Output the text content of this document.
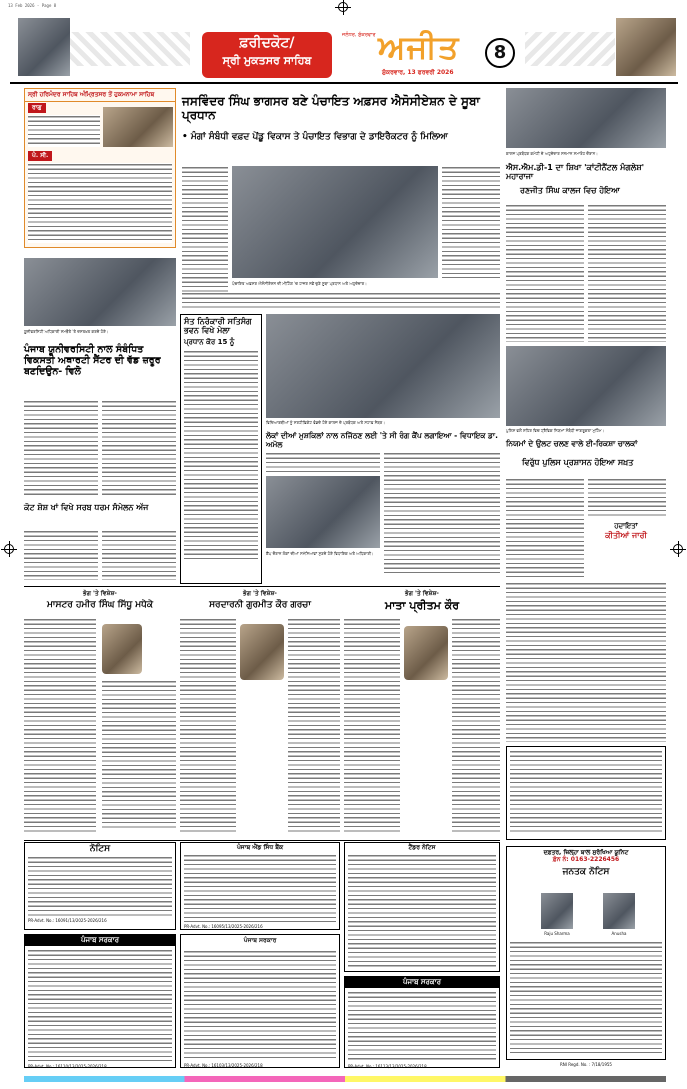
13 Feb 2026 - Page 8
ਫ਼ਰੀਦਕੋਟ/
ਸ੍ਰੀ ਮੁਕਤਸਰ ਸਾਹਿਬ
ਜਲੰਧਰ, ਸ਼ੁੱਕਰਵਾਰ ਅਜੀਤ
ਸ਼ੁੱਕਰਵਾਰ, 13 ਫਰਵਰੀ 2026
8
ਸ੍ਰੀ ਹਰਿਮੰਦਰ ਸਾਹਿਬ ਅੰਮ੍ਰਿਤਸਰ ਤੋਂ ਹੁਕਮਨਾਮਾ ਸਾਹਿਬ
ਰਾਗੁ
ਪੰ. ਸੀ.
ਯੂਨੀਵਰਸਿਟੀ ਅਧਿਕਾਰੀ ਸਮਝੌਤੇ 'ਤੇ ਦਸਤਖ਼ਤ ਕਰਦੇ ਹੋਏ।
ਪੰਜਾਬ ਯੂਨੀਵਰਸਿਟੀ ਨਾਲ ਸੰਬੰਧਿਤ ਵਿਕਸਤੀ ਅਥਾਰਟੀ ਸੈਂਟਰ ਦੀ ਵੱਡ ਜ਼ਰੂਰ ਬਣਦਿਉਨ- ਵਿਲੋ
ਕੋਟ ਸ਼ੋਸ਼ ਖਾਂ ਵਿਖੇ ਸਰਬ ਧਰਮ ਸੰਮੇਲਨ ਅੱਜ
ਜਸਵਿੰਦਰ ਸਿੰਘ ਭਾਗਸਰ ਬਣੇ ਪੰਚਾਇਤ ਅਫ਼ਸਰ ਐਸੋਸੀਏਸ਼ਨ ਦੇ ਸੂਬਾ ਪ੍ਰਧਾਨ
• ਮੰਗਾਂ ਸੰਬੰਧੀ ਵਫ਼ਦ ਪੇਂਡੂ ਵਿਕਾਸ ਤੇ ਪੰਚਾਇਤ ਵਿਭਾਗ ਦੇ ਡਾਇਰੈਕਟਰ ਨੂੰ ਮਿਲਿਆ
ਪੰਚਾਇਤ ਅਫ਼ਸਰ ਐਸੋਸੀਏਸ਼ਨ ਦੀ ਮੀਟਿੰਗ 'ਚ ਹਾਜ਼ਰ ਨਵੇਂ ਚੁਣੇ ਸੂਬਾ ਪ੍ਰਧਾਨ ਅਤੇ ਅਹੁਦੇਦਾਰ।
ਸੰਤ ਨਿਰੰਕਾਰੀ ਸਤਿਸੰਗ ਭਵਨ ਵਿਖੇ ਮੇਲਾ
ਪ੍ਰਧਾਨ ਕੋਰ 15 ਨੂੰ
ਵਿਦਿਆਰਥੀਆਂ ਨੂੰ ਸਰਟੀਫ਼ਿਕੇਟ ਵੰਡਦੇ ਹੋਏ ਕਾਲਜ ਦੇ ਪ੍ਰਬੰਧਕ ਅਤੇ ਸਟਾਫ਼ ਮੈਂਬਰ।
ਲੋਕਾਂ ਦੀਆਂ ਮੁਸ਼ਕਿਲਾਂ ਨਾਲ ਨਜਿੱਠਣ ਲਈ 'ਤੇ ਸੀ ਰੰਗ ਕੈਂਪ ਲਗਾਇਆ - ਵਿਧਾਇਕ ਡਾ. ਅਮੋਲ
ਕੈਂਪ ਦੌਰਾਨ ਲੋਕਾਂ ਦੀਆਂ ਸਮੱਸਿਆਵਾਂ ਸੁਣਦੇ ਹੋਏ ਵਿਧਾਇਕ ਅਤੇ ਅਧਿਕਾਰੀ।
ਕਾਲਜ ਪ੍ਰਬੰਧਕ ਕਮੇਟੀ ਦੇ ਅਹੁਦੇਦਾਰ ਸਨਮਾਨ ਸਮਾਰੋਹ ਦੌਰਾਨ।
ਐਸ.ਐਮ.ਡੀ-1 ਦਾ ਸ਼ਿਖਾ 'ਕਾਂਟੀਨੈਂਟਲ ਮੰਗਲੇਸ਼' ਮਹਾਰਾਜਾ
ਰਣਜੀਤ ਸਿੰਘ ਕਾਲਜ ਵਿਚ ਹੋਇਆ
ਪੁਲਿਸ ਵਲੋਂ ਸ਼ਹਿਰ ਵਿਚ ਟ੍ਰੈਫਿਕ ਨਿਯਮਾਂ ਸੰਬੰਧੀ ਜਾਗਰੂਕਤਾ ਮੁਹਿੰਮ।
ਨਿਯਮਾਂ ਦੇ ਉਲਟ ਚਲਣ ਵਾਲੇ ਈ-ਰਿਕਸ਼ਾ ਚਾਲਕਾਂ
ਵਿਰੁੱਧ ਪੁਲਿਸ ਪ੍ਰਸ਼ਾਸਨ ਹੋਇਆ ਸਖ਼ਤ
ਹਦਾਇਤਾਂ
ਕੀਤੀਆਂ ਜਾਰੀ
ਭੋਗ 'ਤੇ ਵਿਸ਼ੇਸ਼-
ਮਾਸਟਰ ਹਮੀਰ ਸਿੰਘ ਸਿੱਧੂ ਮਧੇਕੇ
ਭੋਗ 'ਤੇ ਵਿਸ਼ੇਸ਼-
ਸਰਦਾਰਨੀ ਗੁਰਮੀਤ ਕੌਰ ਗਰਚਾ
ਭੋਗ 'ਤੇ ਵਿਸ਼ੇਸ਼-
ਮਾਤਾ ਪ੍ਰੀਤਮ ਕੌਰ
ਦਫ਼ਤਰ, ਜ਼ਿਲ੍ਹਾ ਬਾਲ ਸੁਰੱਖਿਆ ਯੂਨਿਟ
ਫ਼ੋਨ ਨੰ: 0163-2226456
ਜਨਤਕ ਨੋਟਿਸ
Raju Sharma	Anusha
ਨੋਟਿਸ
PR-Advt. No.: 16091/13/2025-2026/216
ਪੰਜਾਬ ਐਂਡ ਸਿੰਧ ਬੈਂਕ
PR-Advt. No.: 16095/13/2025-2026/216
ਟੈਂਡਰ ਨੋਟਿਸ
ਪੰਜਾਬ ਸਰਕਾਰ
PR-Advt. No.: 16110/13/2025-2026/218
ਪੰਜਾਬ ਸਰਕਾਰ
PR-Advt. No.: 16103/13/2025-2026/218
ਪੰਜਾਬ ਸਰਕਾਰ
PR-Advt. No.: 16113/13/2025-2026/218	RNI Regd. No. : 7/18/1955
